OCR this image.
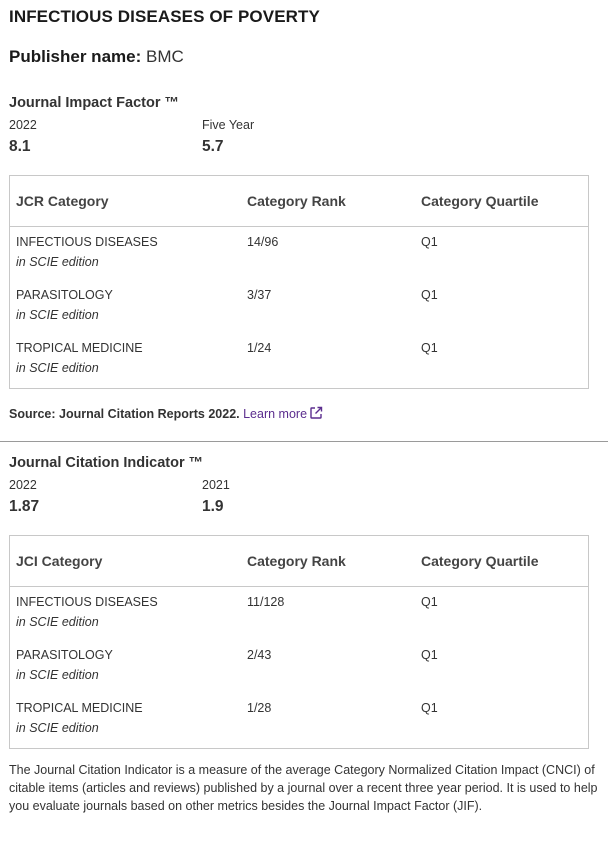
INFECTIOUS DISEASES OF POVERTY
Publisher name: BMC
Journal Impact Factor ™
2022
8.1
Five Year
5.7
JCR Category	Category Rank	Category Quartile

INFECTIOUS DISEASES
in SCIE edition	14/96	Q1

PARASITOLOGY
in SCIE edition	3/37	Q1

TROPICAL MEDICINE
in SCIE edition	1/24	Q1
Source: Journal Citation Reports 2022. Learn more
Journal Citation Indicator ™
2022
1.87
2021
1.9
JCI Category	Category Rank	Category Quartile

INFECTIOUS DISEASES
in SCIE edition	11/128	Q1

PARASITOLOGY
in SCIE edition	2/43	Q1

TROPICAL MEDICINE
in SCIE edition	1/28	Q1
The Journal Citation Indicator is a measure of the average Category Normalized Citation Impact (CNCI) of citable items (articles and reviews) published by a journal over a recent three year period. It is used to help you evaluate journals based on other metrics besides the Journal Impact Factor (JIF).
